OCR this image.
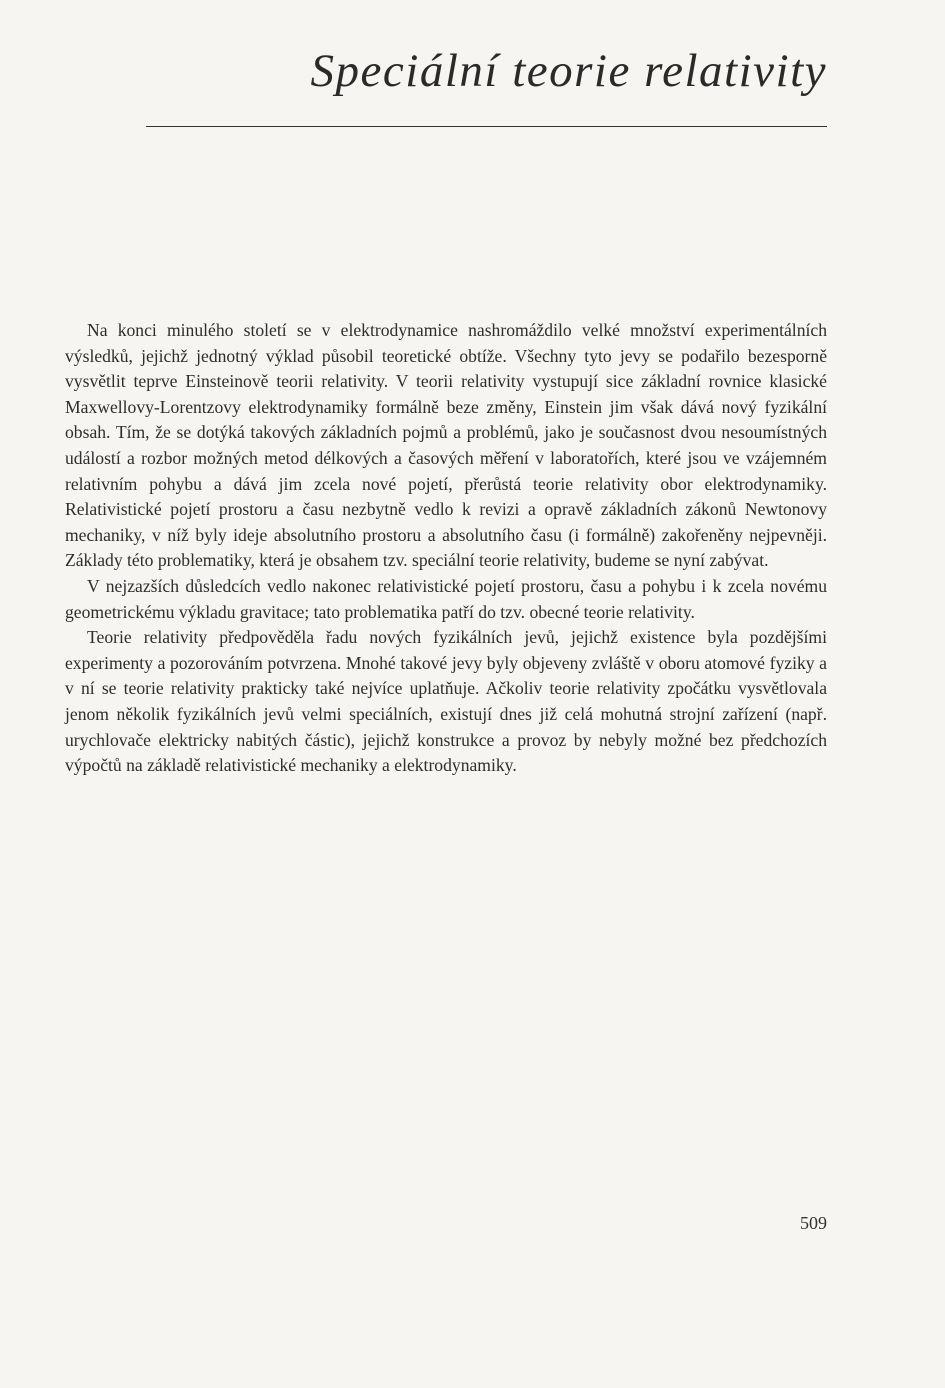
Speciální teorie relativity

Na konci minulého století se v elektrodynamice nashromáždilo velké množství experimentálních výsledků, jejichž jednotný výklad působil teoretické obtíže. Všechny tyto jevy se podařilo bezesporně vysvětlit teprve Einsteinově teorii relativity. V teorii relativity vystupují sice základní rovnice klasické Maxwellovy-Lorentzovy elektrodynamiky formálně beze změny, Einstein jim však dává nový fyzikální obsah. Tím, že se dotýká takových základních pojmů a problémů, jako je současnost dvou nesoumístných událostí a rozbor možných metod délkových a časových měření v laboratořích, které jsou ve vzájemném relativním pohybu a dává jim zcela nové pojetí, přerůstá teorie relativity obor elektrodynamiky. Relativistické pojetí prostoru a času nezbytně vedlo k revizi a opravě základních zákonů Newtonovy mechaniky, v níž byly ideje absolutního prostoru a absolutního času (i formálně) zakořeněny nejpevněji. Základy této problematiky, která je obsahem tzv. speciální teorie relativity, budeme se nyní zabývat.

V nejzazších důsledcích vedlo nakonec relativistické pojetí prostoru, času a pohybu i k zcela novému geometrickému výkladu gravitace; tato problematika patří do tzv. obecné teorie relativity.

Teorie relativity předpověděla řadu nových fyzikálních jevů, jejichž existence byla pozdějšími experimenty a pozorováním potvrzena. Mnohé takové jevy byly objeveny zvláště v oboru atomové fyziky a v ní se teorie relativity prakticky také nejvíce uplatňuje. Ačkoliv teorie relativity zpočátku vysvětlovala jenom několik fyzikálních jevů velmi speciálních, existují dnes již celá mohutná strojní zařízení (např. urychlovače elektricky nabitých částic), jejichž konstrukce a provoz by nebyly možné bez předchozích výpočtů na základě relativistické mechaniky a elektrodynamiky.

509
